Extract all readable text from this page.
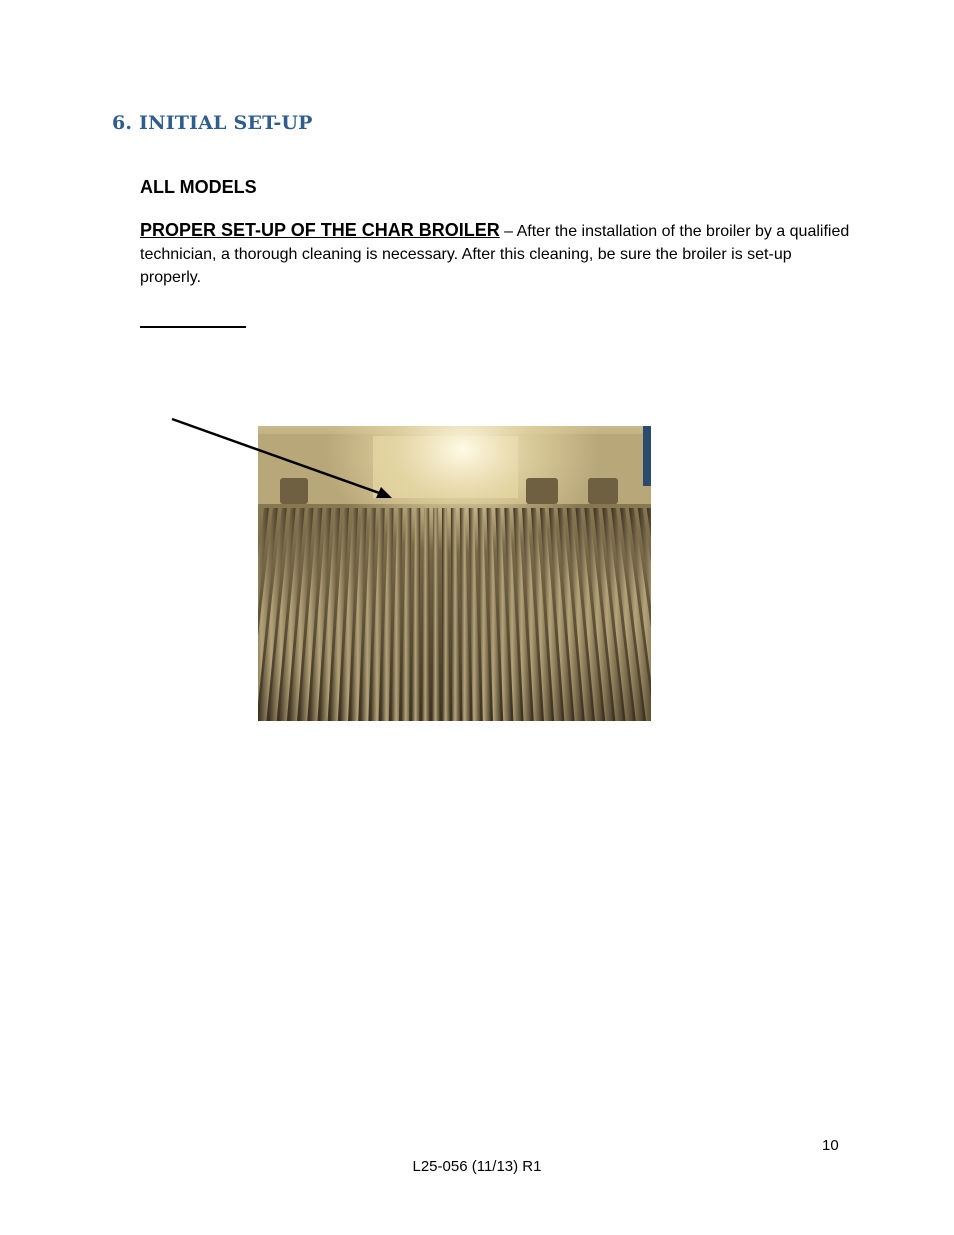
6. INITIAL SET-UP
ALL MODELS
PROPER SET-UP OF THE CHAR BROILER – After the installation of the broiler by a qualified technician, a thorough cleaning is necessary. After this cleaning, be sure the broiler is set-up properly.
10
L25-056 (11/13) R1
